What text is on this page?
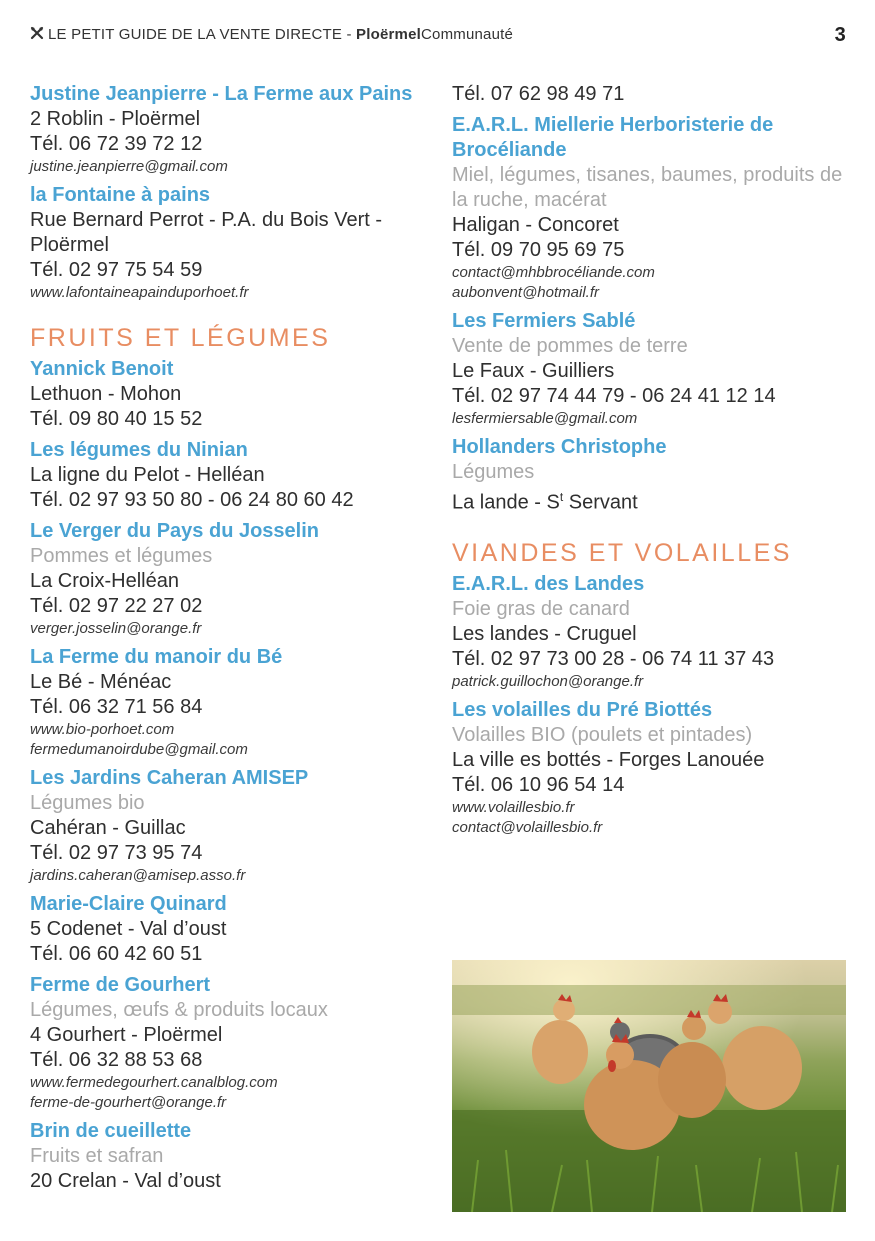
LE PETIT GUIDE DE LA VENTE DIRECTE - PloërmelCommunauté	3
Justine Jeanpierre - La Ferme aux Pains
2 Roblin - Ploërmel
Tél. 06 72 39 72 12
justine.jeanpierre@gmail.com
la Fontaine à pains
Rue Bernard Perrot - P.A. du Bois Vert - Ploërmel
Tél. 02 97 75 54 59
www.lafontaineapainduporhoet.fr
FRUITS ET LÉGUMES
Yannick Benoit
Lethuon - Mohon
Tél. 09 80 40 15 52
Les légumes du Ninian
La ligne du Pelot - Helléan
Tél. 02 97 93 50 80 - 06 24 80 60 42
Le Verger du Pays du Josselin
Pommes et légumes
La Croix-Helléan
Tél. 02 97 22 27 02
verger.josselin@orange.fr
La Ferme du manoir du Bé
Le Bé - Ménéac
Tél. 06 32 71 56 84
www.bio-porhoet.com
fermedumanoirdube@gmail.com
Les Jardins Caheran AMISEP
Légumes bio
Cahéran - Guillac
Tél. 02 97 73 95 74
jardins.caheran@amisep.asso.fr
Marie-Claire Quinard
5 Codenet - Val d’oust
Tél. 06 60 42 60 51
Ferme de Gourhert
Légumes, œufs & produits locaux
4 Gourhert - Ploërmel
Tél. 06 32 88 53 68
www.fermedegourhert.canalblog.com
ferme-de-gourhert@orange.fr
Brin de cueillette
Fruits et safran
20 Crelan - Val d’oust
Tél. 07 62 98 49 71
E.A.R.L. Miellerie Herboristerie de Brocéliande
Miel, légumes, tisanes, baumes, produits de la ruche, macérat
Haligan - Concoret
Tél. 09 70 95 69 75
contact@mhbbrocéliande.com
aubonvent@hotmail.fr
Les Fermiers Sablé
Vente de pommes de terre
Le Faux - Guilliers
Tél. 02 97 74 44 79 - 06 24 41 12 14
lesfermiersable@gmail.com
Hollanders Christophe
Légumes
La lande - $S^t$ Servant
VIANDES ET VOLAILLES
E.A.R.L. des Landes
Foie gras de canard
Les landes - Cruguel
Tél. 02 97 73 00 28 - 06 74 11 37 43
patrick.guillochon@orange.fr
Les volailles du Pré Biottés
Volailles BIO (poulets et pintades)
La ville es bottés - Forges Lanouée
Tél. 06 10 96 54 14
www.volaillesbio.fr
contact@volaillesbio.fr
